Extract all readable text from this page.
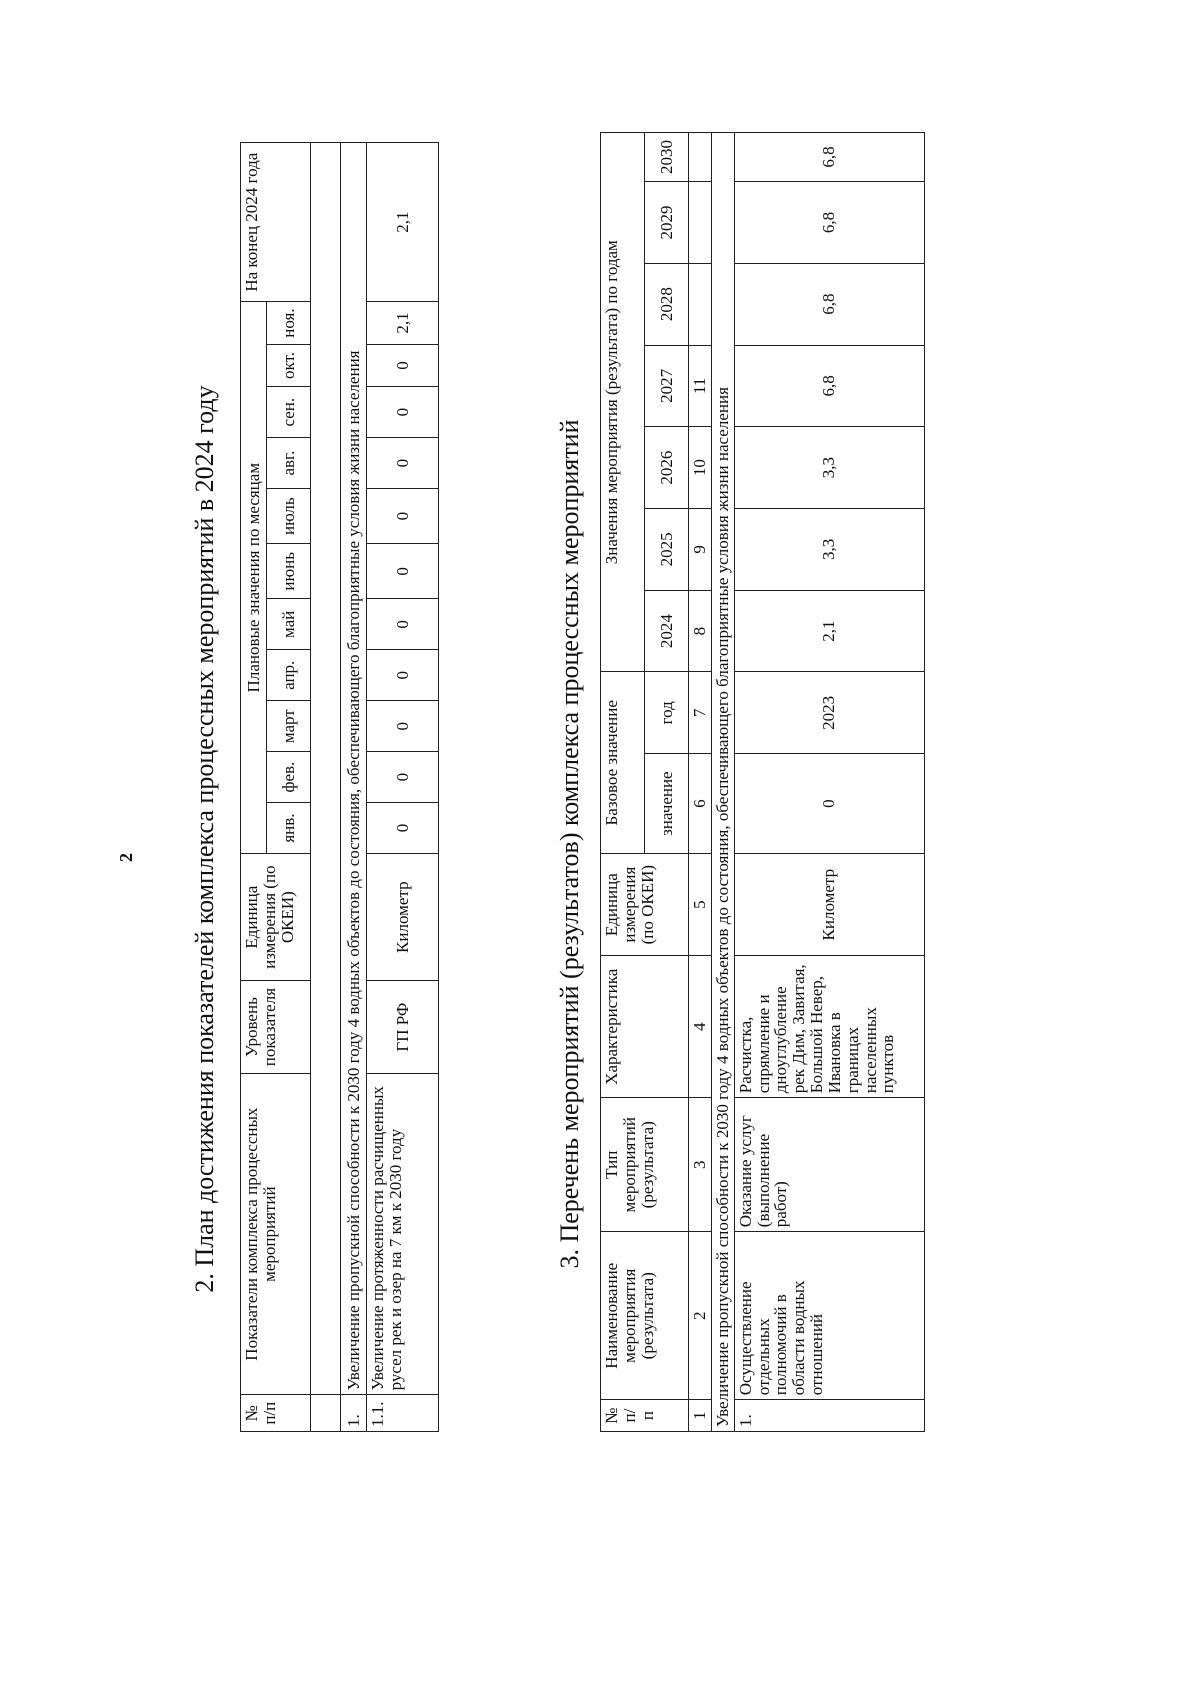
2 2. План достижения показателей комплекса процессных мероприятий в 2024 году
№ п/п	Показатели комплекса процессных мероприятий	Уровень показателя	Единица измерения (по ОКЕИ)	Плановые значения по месяцам											На конец 2024 года
				янв.	фев.	март	апр.	май	июнь	июль	авг.	сен.	окт.	ноя.	

1.	Увеличение пропускной способности к 2030 году 4 водных объектов до состояния, обеспечивающего благоприятные условия жизни населения														
1.1.	Увеличение протяженности расчищенных русел рек и озер на 7 км к 2030 году	ГП РФ	Километр	0	0	0	0	0	0	0	0	0	0	2,1	2,1
3. Перечень мероприятий (результатов) комплекса процессных мероприятий
№ п/п	Наименование мероприятия (результата)	Тип мероприятий (результата)	Характеристика	Единица измерения (по ОКЕИ)	Базовое значение		Значения мероприятия (результата) по годам						
					значение	год	2024	2025	2026	2027	2028	2029	2030
1	2	3	4	5	6	7	8	9	10	11			
Увеличение пропускной способности к 2030 году 4 водных объектов до состояния, обеспечивающего благоприятные условия жизни населения													
1.	Осуществление отдельных полномочий в области водных отношений	Оказание услуг (выполнение работ)	Расчистка, спрямление и дноуглубление рек Дим, Завитая, Большой Невер, Ивановка в границах населенных пунктов	Километр	0	2023	2,1	3,3	3,3	6,8	6,8	6,8	6,8
